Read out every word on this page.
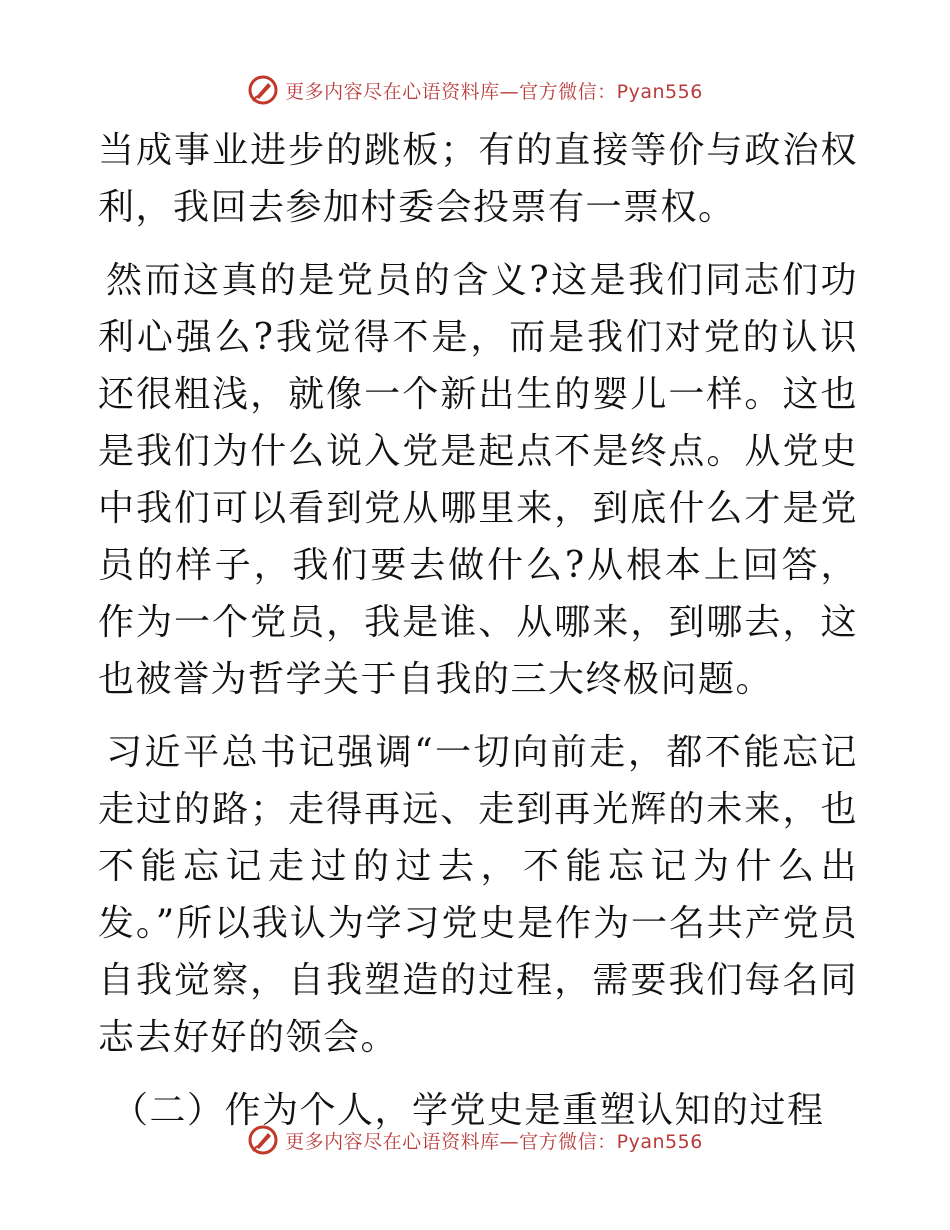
更多内容尽在心语资料库—官方微信：Pyan556

当成事业进步的跳板；有的直接等价与政治权利，我回去参加村委会投票有一票权。

然而这真的是党员的含义?这是我们同志们功利心强么?我觉得不是，而是我们对党的认识还很粗浅，就像一个新出生的婴儿一样。这也是我们为什么说入党是起点不是终点。从党史中我们可以看到党从哪里来，到底什么才是党员的样子，我们要去做什么?从根本上回答，作为一个党员，我是谁、从哪来，到哪去，这也被誉为哲学关于自我的三大终极问题。

习近平总书记强调“一切向前走，都不能忘记走过的路；走得再远、走到再光辉的未来，也不能忘记走过的过去，不能忘记为什么出发。”所以我认为学习党史是作为一名共产党员自我觉察，自我塑造的过程，需要我们每名同志去好好的领会。

（二）作为个人，学党史是重塑认知的过程

更多内容尽在心语资料库—官方微信：Pyan556
